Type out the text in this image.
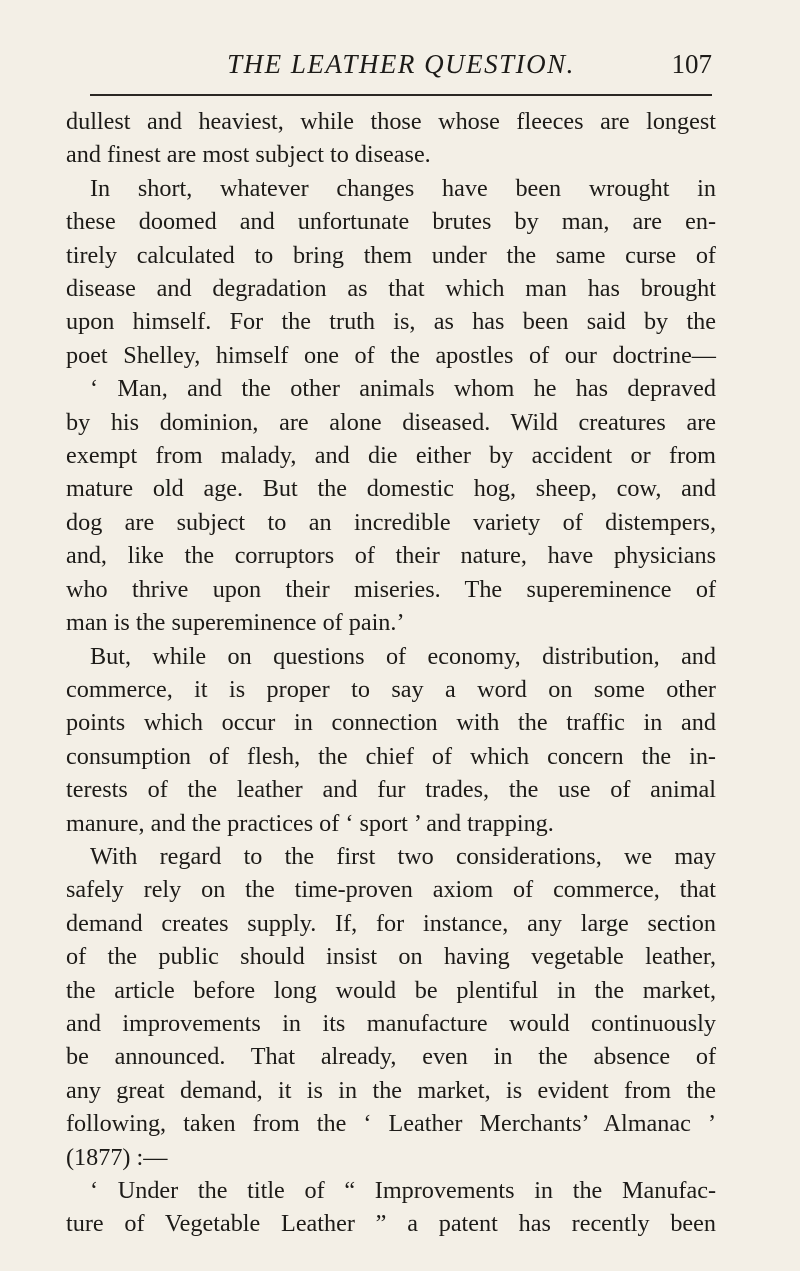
THE LEATHER QUESTION.	107
dullest and heaviest, while those whose fleeces are longest
and finest are most subject to disease.
In short, whatever changes have been wrought in
these doomed and unfortunate brutes by man, are en-
tirely calculated to bring them under the same curse of
disease and degradation as that which man has brought
upon himself. For the truth is, as has been said by the
poet Shelley, himself one of the apostles of our doctrine—
‘ Man, and the other animals whom he has depraved
by his dominion, are alone diseased. Wild creatures are
exempt from malady, and die either by accident or from
mature old age. But the domestic hog, sheep, cow, and
dog are subject to an incredible variety of distempers,
and, like the corruptors of their nature, have physicians
who thrive upon their miseries. The supereminence of
man is the supereminence of pain.’
But, while on questions of economy, distribution, and
commerce, it is proper to say a word on some other
points which occur in connection with the traffic in and
consumption of flesh, the chief of which concern the in-
terests of the leather and fur trades, the use of animal
manure, and the practices of ‘ sport ’ and trapping.
With regard to the first two considerations, we may
safely rely on the time-proven axiom of commerce, that
demand creates supply. If, for instance, any large section
of the public should insist on having vegetable leather,
the article before long would be plentiful in the market,
and improvements in its manufacture would continuously
be announced. That already, even in the absence of
any great demand, it is in the market, is evident from the
following, taken from the ‘ Leather Merchants’ Almanac ’
(1877) :—
‘ Under the title of “ Improvements in the Manufac-
ture of Vegetable Leather ” a patent has recently been
